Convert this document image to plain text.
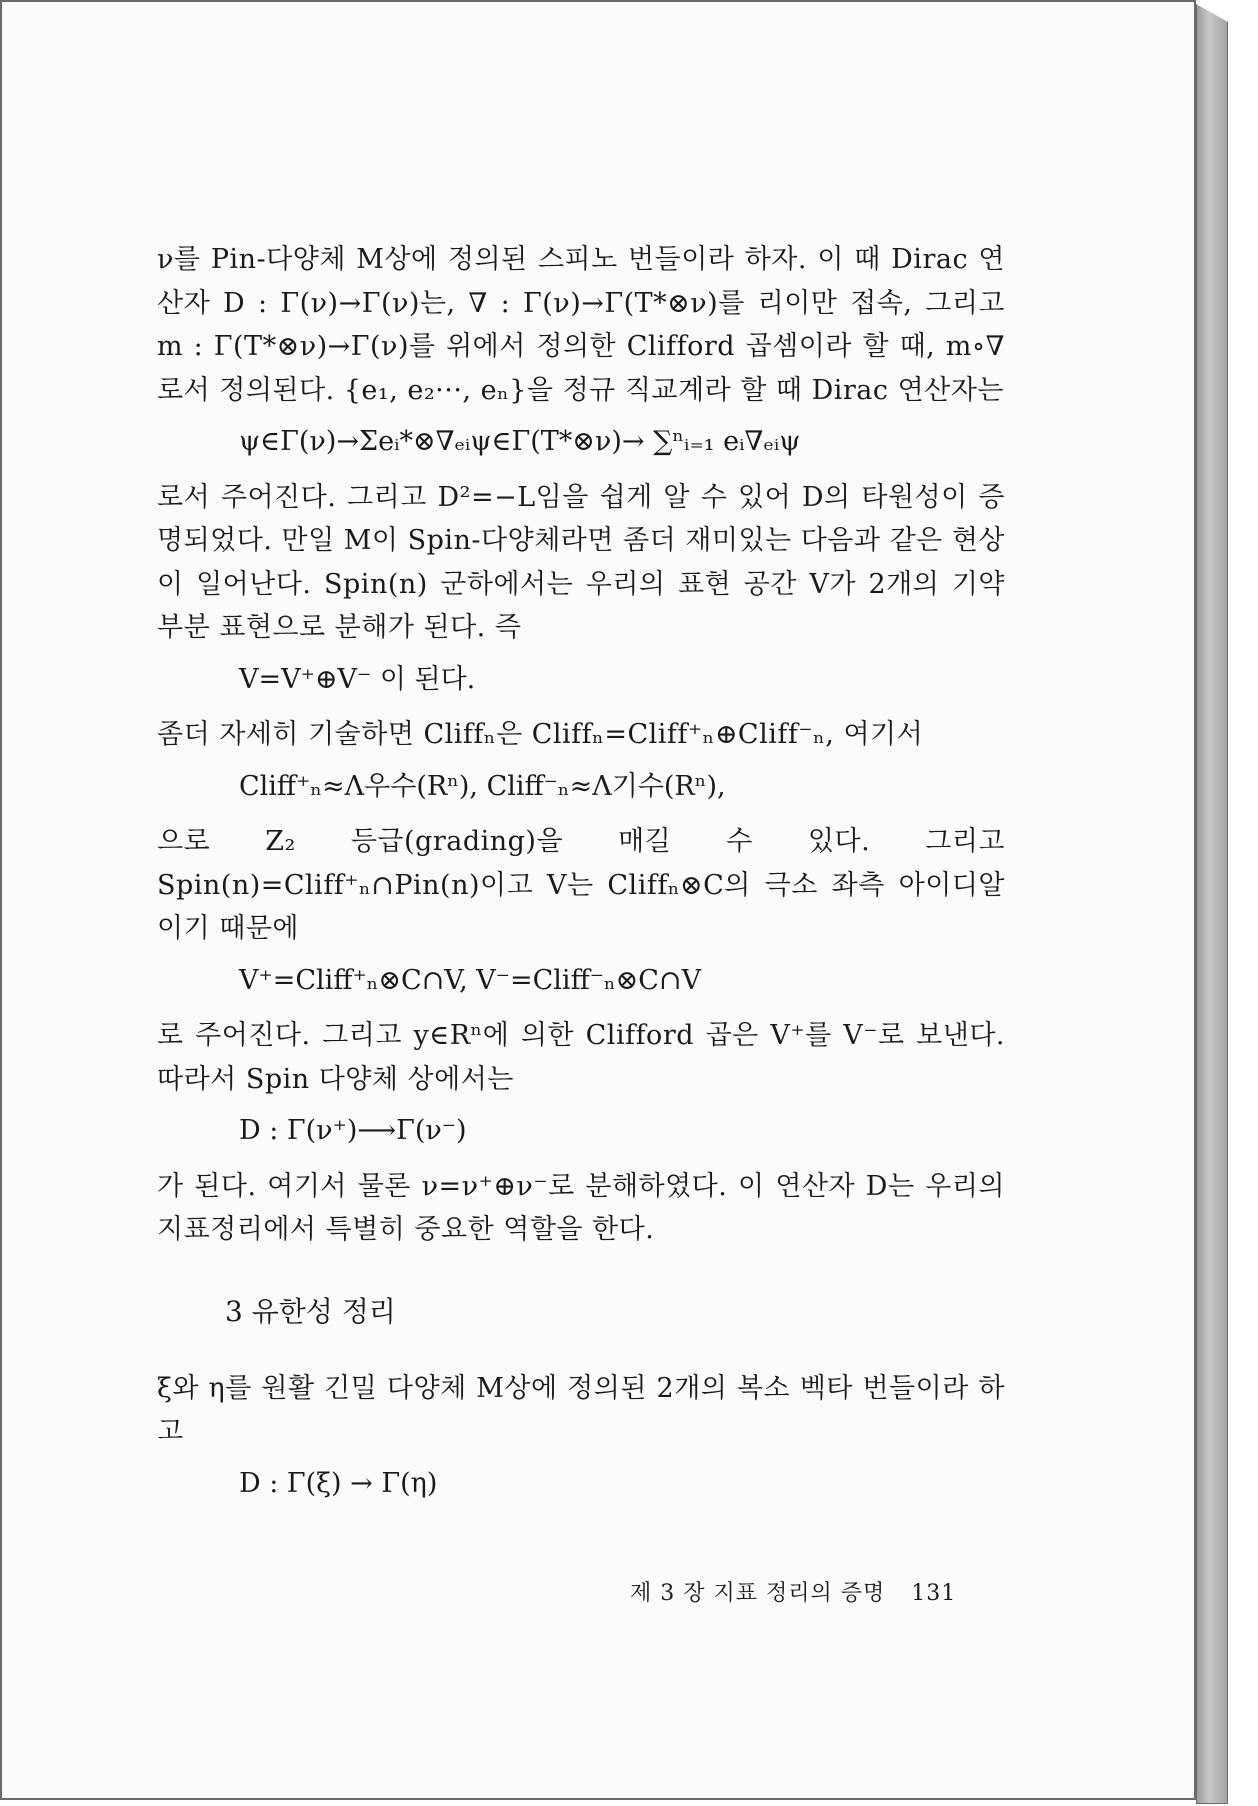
ν를 Pin-다양체 M상에 정의된 스피노 번들이라 하자. 이 때 Dirac 연산자 D : Γ(ν)→Γ(ν)는, ∇ : Γ(ν)→Γ(T*⊗ν)를 리이만 접속, 그리고 m : Γ(T*⊗ν)→Γ(ν)를 위에서 정의한 Clifford 곱셈이라 할 때, m∘∇로서 정의된다. {e₁, e₂···, eₙ}을 정규 직교계라 할 때 Dirac 연산자는

ψ∈Γ(ν)→Σeᵢ*⊗∇ₑᵢψ∈Γ(T*⊗ν)→ ∑ⁿᵢ₌₁ eᵢ∇ₑᵢψ

로서 주어진다. 그리고 D²=−L임을 쉽게 알 수 있어 D의 타원성이 증명되었다. 만일 M이 Spin-다양체라면 좀더 재미있는 다음과 같은 현상이 일어난다. Spin(n) 군하에서는 우리의 표현 공간 V가 2개의 기약 부분 표현으로 분해가 된다. 즉

V=V⁺⊕V⁻ 이 된다.

좀더 자세히 기술하면 Cliffₙ은 Cliffₙ=Cliff⁺ₙ⊕Cliff⁻ₙ, 여기서

Cliff⁺ₙ≈Λ우수(Rⁿ), Cliff⁻ₙ≈Λ기수(Rⁿ),

으로 Z₂ 등급(grading)을 매길 수 있다. 그리고 Spin(n)=Cliff⁺ₙ∩Pin(n)이고 V는 Cliffₙ⊗C의 극소 좌측 아이디알이기 때문에

V⁺=Cliff⁺ₙ⊗C∩V, V⁻=Cliff⁻ₙ⊗C∩V

로 주어진다. 그리고 y∈Rⁿ에 의한 Clifford 곱은 V⁺를 V⁻로 보낸다. 따라서 Spin 다양체 상에서는

D : Γ(ν⁺)⟶Γ(ν⁻)

가 된다. 여기서 물론 ν=ν⁺⊕ν⁻로 분해하였다. 이 연산자 D는 우리의 지표정리에서 특별히 중요한 역할을 한다.

3 유한성 정리

ξ와 η를 원활 긴밀 다양체 M상에 정의된 2개의 복소 벡타 번들이라 하고

D : Γ(ξ) → Γ(η)
제 3 장 지표 정리의 증명 131
